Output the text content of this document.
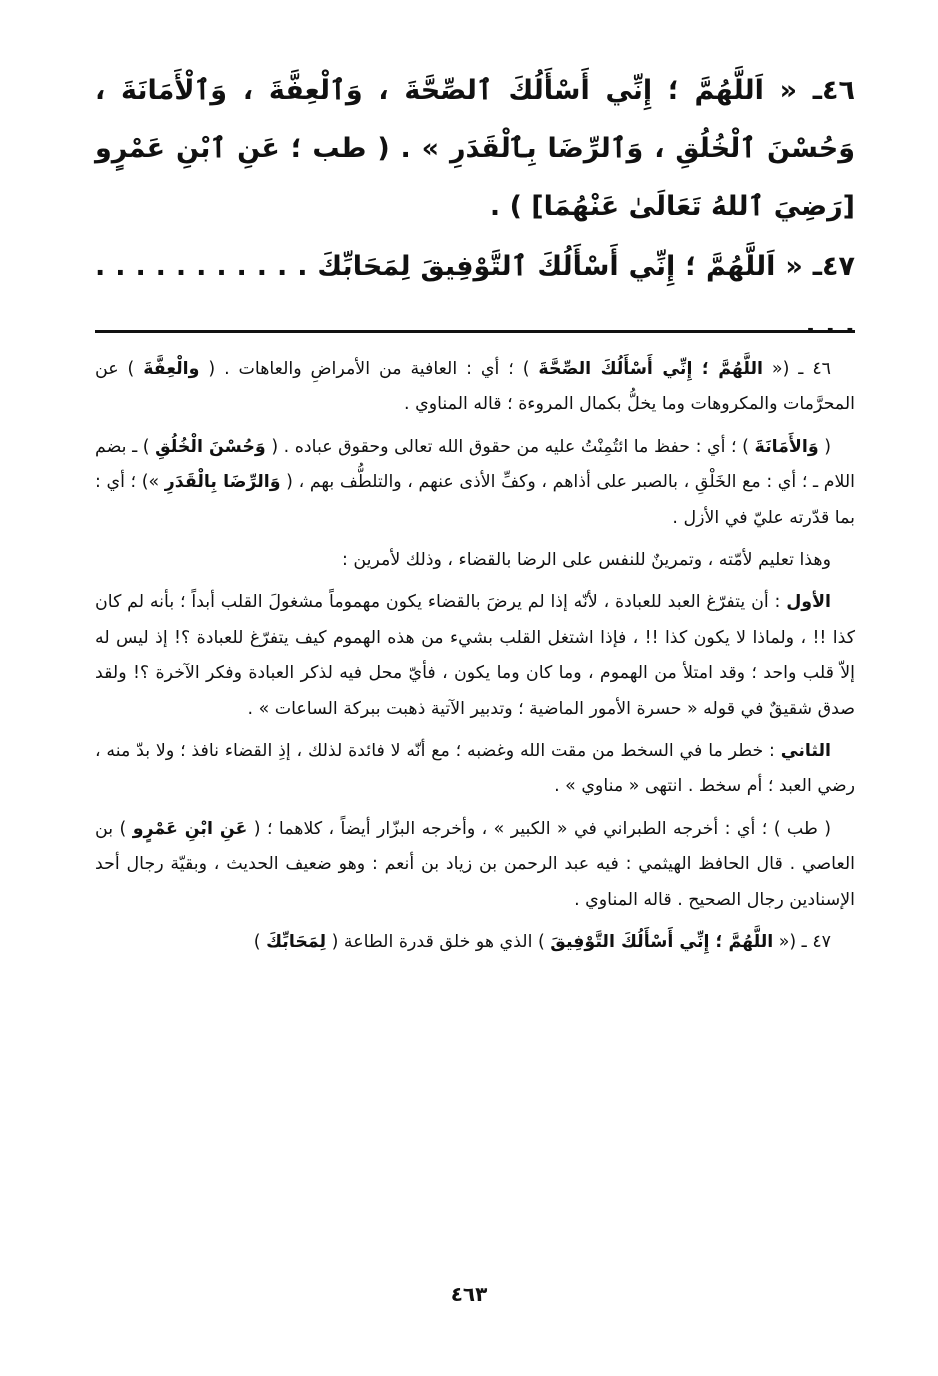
٤٦ـ « اَللَّهُمَّ ؛ إِنِّي أَسْأَلُكَ ٱلصِّحَّةَ ، وَٱلْعِفَّةَ ، وَٱلْأَمَانَةَ ، وَحُسْنَ ٱلْخُلُقِ ، وَٱلرِّضَا بِٱلْقَدَرِ » . ( طب ؛ عَنِ ٱبْنِ عَمْرٍو [رَضِيَ ٱللهُ تَعَالَىٰ عَنْهُمَا] ) .

٤٧ـ « اَللَّهُمَّ ؛ إِنِّي أَسْأَلُكَ ٱلتَّوْفِيقَ لِمَحَابِّكَ . . . . . . . . . . . . . .

٤٦ ـ (« اللَّهُمَّ ؛ إِنِّي أَسْأَلُكَ الصِّحَّةَ ) ؛ أي : العافية من الأمراضِ والعاهات . ( والْعِفَّةَ ) عن المحرَّمات والمكروهات وما يخلُّ بكمال المروءة ؛ قاله المناوي .

( وَالأَمَانَةَ ) ؛ أي : حفظ ما ائتُمِنْتُ عليه من حقوق الله تعالى وحقوق عباده . ( وَحُسْنَ الْخُلُقِ ) ـ بضم اللام ـ ؛ أي : مع الخَلْقِ ، بالصبر على أذاهم ، وكفِّ الأذى عنهم ، والتلطُّف بهم ، ( وَالرِّضَا بِالْقَدَرِ ») ؛ أي : بما قدّرته عليّ في الأزل .

وهذا تعليم لأمّته ، وتمرينٌ للنفس على الرضا بالقضاء ، وذلك لأمرين :

الأول : أن يتفرّغ العبد للعبادة ، لأنّه إذا لم يرضَ بالقضاء يكون مهموماً مشغولَ القلب أبداً ؛ بأنه لم كان كذا !! ، ولماذا لا يكون كذا !! ، فإذا اشتغل القلب بشيء من هذه الهموم كيف يتفرّغ للعبادة ؟! إذ ليس له إلاّ قلب واحد ؛ وقد امتلأ من الهموم ، وما كان وما يكون ، فأيّ محل فيه لذكر العبادة وفكر الآخرة ؟! ولقد صدق شقيقٌ في قوله « حسرة الأمور الماضية ؛ وتدبير الآتية ذهبت ببركة الساعات » .

الثاني : خطر ما في السخط من مقت الله وغضبه ؛ مع أنّه لا فائدة لذلك ، إذِ القضاء نافذ ؛ ولا بدّ منه ، رضي العبد ؛ أم سخط . انتهى « مناوي » .

( طب ) ؛ أي : أخرجه الطبراني في « الكبير » ، وأخرجه البزّار أيضاً ، كلاهما ؛ ( عَنِ ابْنِ عَمْرٍو ) بن العاصي . قال الحافظ الهيثمي : فيه عبد الرحمن بن زياد بن أنعم : وهو ضعيف الحديث ، وبقيّة رجال أحد الإسنادين رجال الصحيح . قاله المناوي .

٤٧ ـ (« اللَّهُمَّ ؛ إِنِّي أَسْأَلُكَ التَّوْفِيقَ ) الذي هو خلق قدرة الطاعة ( لِمَحَابِّكَ )

٤٦٣
